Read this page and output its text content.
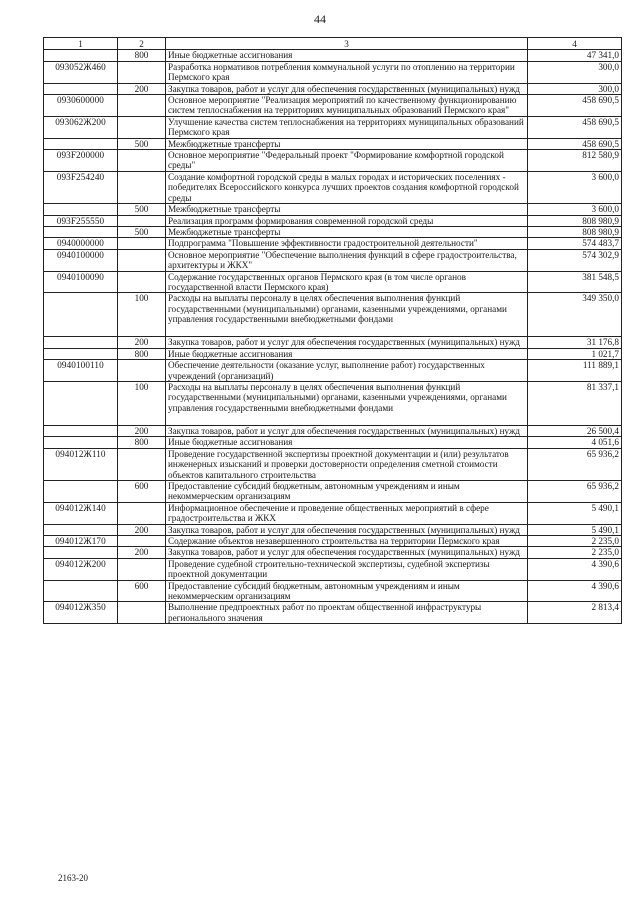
44
1	2	3	4
	800	Иные бюджетные ассигнования	47 341,0
093052Ж460		Разработка нормативов потребления коммунальной услуги по отоплению на территории Пермского края	300,0
	200	Закупка товаров, работ и услуг для обеспечения государственных (муниципальных) нужд	300,0
0930600000		Основное мероприятие "Реализация мероприятий по качественному функционированию систем теплоснабжения на территориях муниципальных образований Пермского края"	458 690,5
093062Ж200		Улучшение качества систем теплоснабжения на территориях муниципальных образований Пермского края	458 690,5
	500	Межбюджетные трансферты	458 690,5
093F200000		Основное мероприятие "Федеральный проект "Формирование комфортной городской среды"	812 580,9
093F254240		Создание комфортной городской среды в малых городах и исторических поселениях - победителях Всероссийского конкурса лучших проектов создания комфортной городской среды	3 600,0
	500	Межбюджетные трансферты	3 600,0
093F255550		Реализация программ формирования современной городской среды	808 980,9
	500	Межбюджетные трансферты	808 980,9
0940000000		Подпрограмма "Повышение эффективности градостроительной деятельности"	574 483,7
0940100000		Основное мероприятие "Обеспечение выполнения функций в сфере градостроительства, архитектуры и ЖКХ"	574 302,9
0940100090		Содержание государственных органов Пермского края (в том числе органов государственной власти Пермского края)	381 548,5
	100	Расходы на выплаты персоналу в целях обеспечения выполнения функций государственными (муниципальными) органами, казенными учреждениями, органами управления государственными внебюджетными фондами	349 350,0
	200	Закупка товаров, работ и услуг для обеспечения государственных (муниципальных) нужд	31 176,8
	800	Иные бюджетные ассигнования	1 021,7
0940100110		Обеспечение деятельности (оказание услуг, выполнение работ) государственных учреждений (организаций)	111 889,1
	100	Расходы на выплаты персоналу в целях обеспечения выполнения функций государственными (муниципальными) органами, казенными учреждениями, органами управления государственными внебюджетными фондами	81 337,1
	200	Закупка товаров, работ и услуг для обеспечения государственных (муниципальных) нужд	26 500,4
	800	Иные бюджетные ассигнования	4 051,6
094012Ж110		Проведение государственной экспертизы проектной документации и (или) результатов инженерных изысканий и проверки достоверности определения сметной стоимости объектов капитального строительства	65 936,2
	600	Предоставление субсидий бюджетным, автономным учреждениям и иным некоммерческим организациям	65 936,2
094012Ж140		Информационное обеспечение и проведение общественных мероприятий в сфере градостроительства и ЖКХ	5 490,1
	200	Закупка товаров, работ и услуг для обеспечения государственных (муниципальных) нужд	5 490,1
094012Ж170		Содержание объектов незавершенного строительства на территории Пермского края	2 235,0
	200	Закупка товаров, работ и услуг для обеспечения государственных (муниципальных) нужд	2 235,0
094012Ж200		Проведение судебной строительно-технической экспертизы, судебной экспертизы проектной документации	4 390,6
	600	Предоставление субсидий бюджетным, автономным учреждениям и иным некоммерческим организациям	4 390,6
094012Ж350		Выполнение предпроектных работ по проектам общественной инфраструктуры регионального значения	2 813,4
2163-20
